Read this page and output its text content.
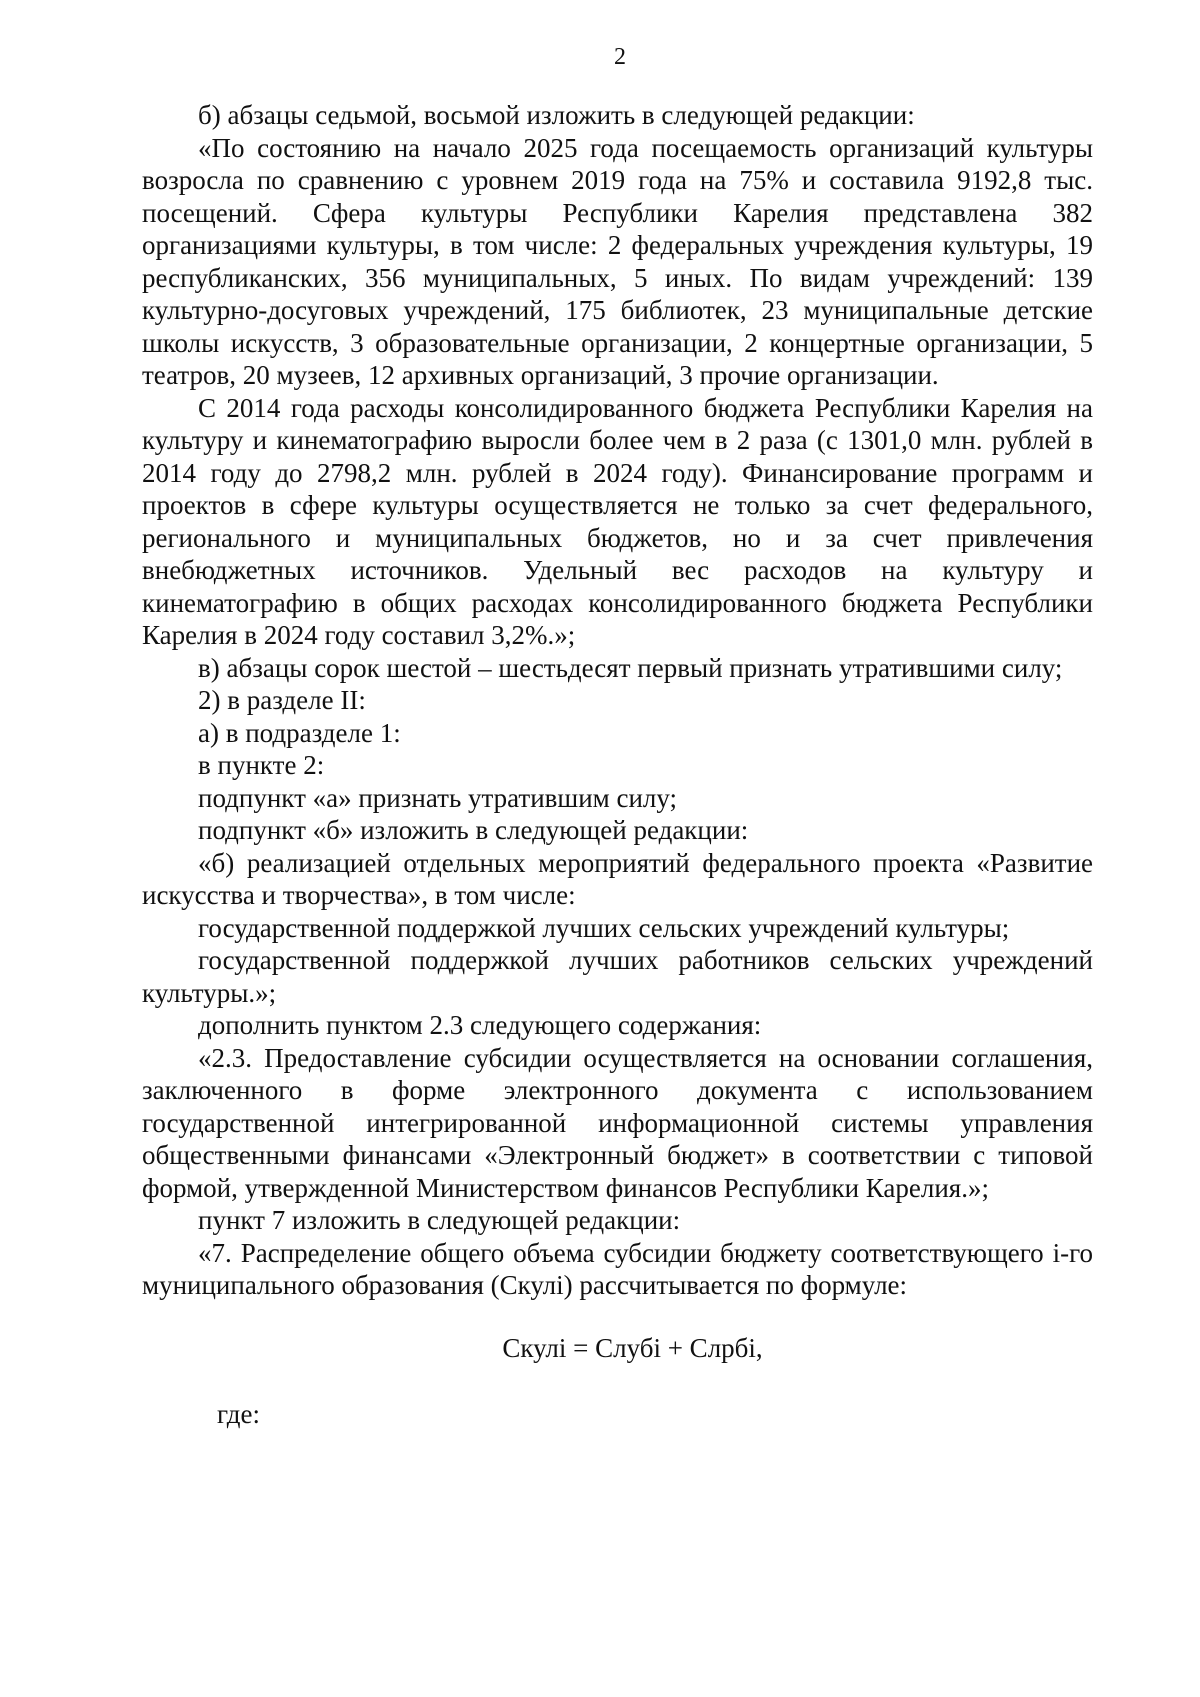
2

б) абзацы седьмой, восьмой изложить в следующей редакции:

«По состоянию на начало 2025 года посещаемость организаций культуры возросла по сравнению с уровнем 2019 года на 75% и составила 9192,8 тыс. посещений. Сфера культуры Республики Карелия представлена 382 организациями культуры, в том числе: 2 федеральных учреждения культуры, 19 республиканских, 356 муниципальных, 5 иных. По видам учреждений: 139 культурно-досуговых учреждений, 175 библиотек, 23 муниципальные детские школы искусств, 3 образовательные организации, 2 концертные организации, 5 театров, 20 музеев, 12 архивных организаций, 3 прочие организации.

С 2014 года расходы консолидированного бюджета Республики Карелия на культуру и кинематографию выросли более чем в 2 раза (с 1301,0 млн. рублей в 2014 году до 2798,2 млн. рублей в 2024 году). Финансирование программ и проектов в сфере культуры осуществляется не только за счет федерального, регионального и муниципальных бюджетов, но и за счет привлечения внебюджетных источников. Удельный вес расходов на культуру и кинематографию в общих расходах консолидированного бюджета Республики Карелия в 2024 году составил 3,2%.»;

в) абзацы сорок шестой – шестьдесят первый признать утратившими силу;

2) в разделе II:

а) в подразделе 1:

в пункте 2:

подпункт «а» признать утратившим силу;

подпункт «б» изложить в следующей редакции:

«б) реализацией отдельных мероприятий федерального проекта «Развитие искусства и творчества», в том числе:

государственной поддержкой лучших сельских учреждений культуры;

государственной поддержкой лучших работников сельских учреждений культуры.»;

дополнить пунктом 2.3 следующего содержания:

«2.3. Предоставление субсидии осуществляется на основании соглашения, заключенного в форме электронного документа с использованием государственной интегрированной информационной системы управления общественными финансами «Электронный бюджет» в соответствии с типовой формой, утвержденной Министерством финансов Республики Карелия.»;

пункт 7 изложить в следующей редакции:

«7. Распределение общего объема субсидии бюджету соответствующего i-го муниципального образования (Скулi) рассчитывается по формуле:

Скулi = Слубi + Слрбi,

где:
